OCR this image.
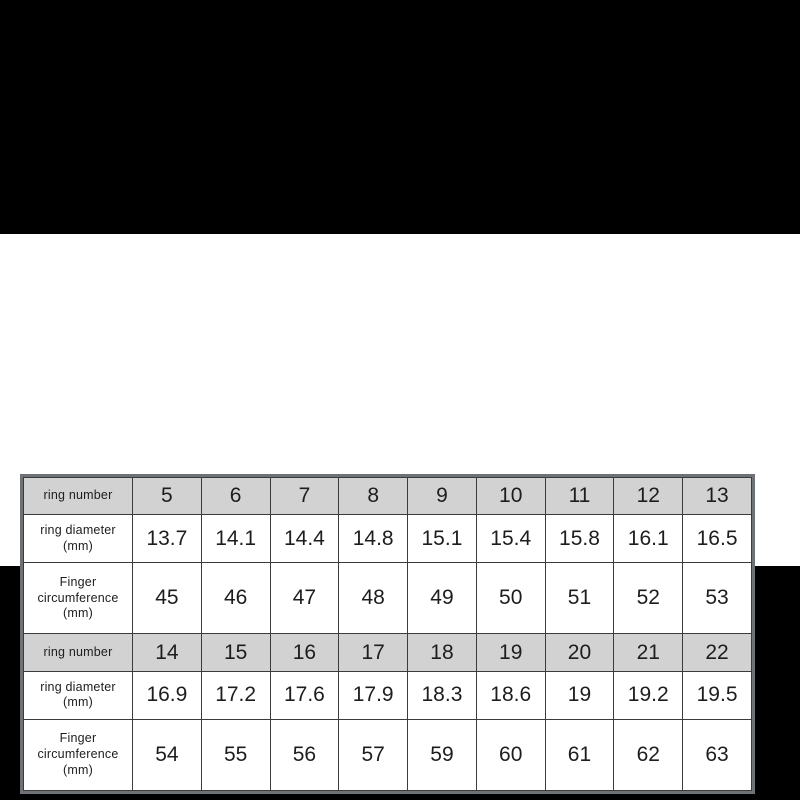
ring number	5	6	7	8	9	10	11	12	13

ring diameter
(mm)	13.7	14.1	14.4	14.8	15.1	15.4	15.8	16.1	16.5

Finger circumference
(mm)	45	46	47	48	49	50	51	52	53

ring number	14	15	16	17	18	19	20	21	22

ring diameter
(mm)	16.9	17.2	17.6	17.9	18.3	18.6	19	19.2	19.5

Finger circumference
(mm)	54	55	56	57	59	60	61	62	63
